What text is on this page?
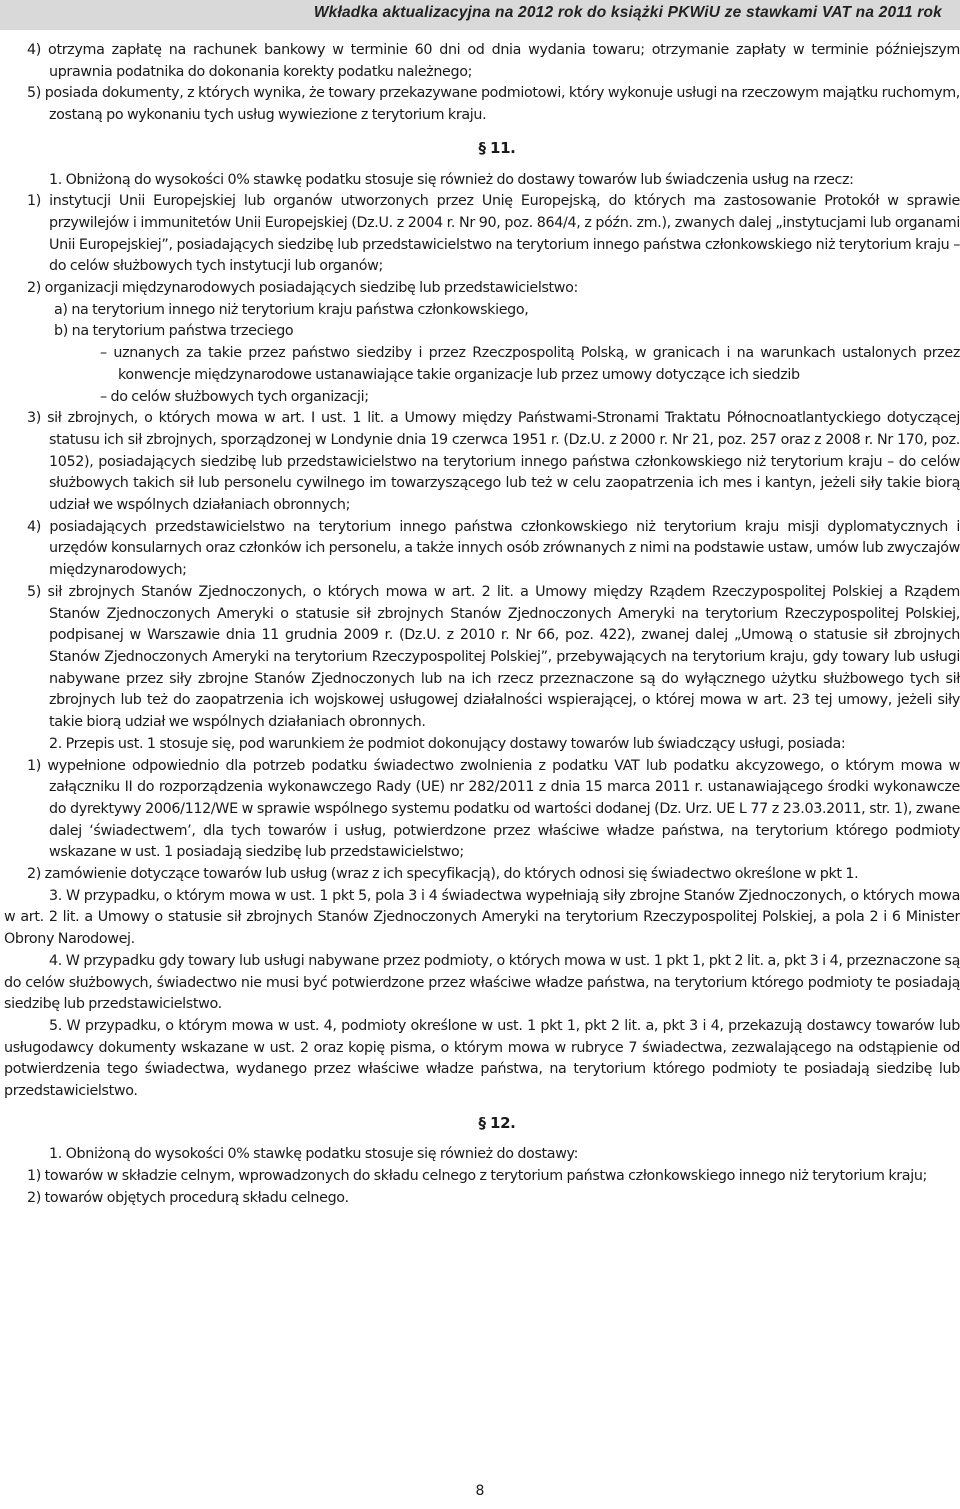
Wkładka aktualizacyjna na 2012 rok do książki PKWiU ze stawkami VAT na 2011 rok

4) otrzyma zapłatę na rachunek bankowy w terminie 60 dni od dnia wydania towaru; otrzymanie zapłaty w terminie późniejszym uprawnia podatnika do dokonania korekty podatku należnego;

5) posiada dokumenty, z których wynika, że towary przekazywane podmiotowi, który wykonuje usługi na rzeczowym majątku ruchomym, zostaną po wykonaniu tych usług wywiezione z terytorium kraju.

§ 11.

1. Obniżoną do wysokości 0% stawkę podatku stosuje się również do dostawy towarów lub świadczenia usług na rzecz:

1) instytucji Unii Europejskiej lub organów utworzonych przez Unię Europejską, do których ma zastosowanie Protokół w sprawie przywilejów i immunitetów Unii Europejskiej (Dz.U. z 2004 r. Nr 90, poz. 864/4, z późn. zm.), zwanych dalej „instytucjami lub organami Unii Europejskiej”, posiadających siedzibę lub przedstawicielstwo na terytorium innego państwa członkowskiego niż terytorium kraju – do celów służbowych tych instytucji lub organów;

2) organizacji międzynarodowych posiadających siedzibę lub przedstawicielstwo:

a) na terytorium innego niż terytorium kraju państwa członkowskiego,

b) na terytorium państwa trzeciego

– uznanych za takie przez państwo siedziby i przez Rzeczpospolitą Polską, w granicach i na warunkach ustalonych przez konwencje międzynarodowe ustanawiające takie organizacje lub przez umowy dotyczące ich siedzib

– do celów służbowych tych organizacji;

3) sił zbrojnych, o których mowa w art. I ust. 1 lit. a Umowy między Państwami-Stronami Traktatu Północnoatlantyckiego dotyczącej statusu ich sił zbrojnych, sporządzonej w Londynie dnia 19 czerwca 1951 r. (Dz.U. z 2000 r. Nr 21, poz. 257 oraz z 2008 r. Nr 170, poz. 1052), posiadających siedzibę lub przedstawicielstwo na terytorium innego państwa członkowskiego niż terytorium kraju – do celów służbowych takich sił lub personelu cywilnego im towarzyszącego lub też w celu zaopatrzenia ich mes i kantyn, jeżeli siły takie biorą udział we wspólnych działaniach obronnych;

4) posiadających przedstawicielstwo na terytorium innego państwa członkowskiego niż terytorium kraju misji dyplomatycznych i urzędów konsularnych oraz członków ich personelu, a także innych osób zrównanych z nimi na podstawie ustaw, umów lub zwyczajów międzynarodowych;

5) sił zbrojnych Stanów Zjednoczonych, o których mowa w art. 2 lit. a Umowy między Rządem Rzeczypospolitej Polskiej a Rządem Stanów Zjednoczonych Ameryki o statusie sił zbrojnych Stanów Zjednoczonych Ameryki na terytorium Rzeczypospolitej Polskiej, podpisanej w Warszawie dnia 11 grudnia 2009 r. (Dz.U. z 2010 r. Nr 66, poz. 422), zwanej dalej „Umową o statusie sił zbrojnych Stanów Zjednoczonych Ameryki na terytorium Rzeczypospolitej Polskiej”, przebywających na terytorium kraju, gdy towary lub usługi nabywane przez siły zbrojne Stanów Zjednoczonych lub na ich rzecz przeznaczone są do wyłącznego użytku służbowego tych sił zbrojnych lub też do zaopatrzenia ich wojskowej usługowej działalności wspierającej, o której mowa w art. 23 tej umowy, jeżeli siły takie biorą udział we wspólnych działaniach obronnych.

2. Przepis ust. 1 stosuje się, pod warunkiem że podmiot dokonujący dostawy towarów lub świadczący usługi, posiada:

1) wypełnione odpowiednio dla potrzeb podatku świadectwo zwolnienia z podatku VAT lub podatku akcyzowego, o którym mowa w załączniku II do rozporządzenia wykonawczego Rady (UE) nr 282/2011 z dnia 15 marca 2011 r. ustanawiającego środki wykonawcze do dyrektywy 2006/112/WE w sprawie wspólnego systemu podatku od wartości dodanej (Dz. Urz. UE L 77 z 23.03.2011, str. 1), zwane dalej ‘świadectwem’, dla tych towarów i usług, potwierdzone przez właściwe władze państwa, na terytorium którego podmioty wskazane w ust. 1 posiadają siedzibę lub przedstawicielstwo;

2) zamówienie dotyczące towarów lub usług (wraz z ich specyfikacją), do których odnosi się świadectwo określone w pkt 1.

3. W przypadku, o którym mowa w ust. 1 pkt 5, pola 3 i 4 świadectwa wypełniają siły zbrojne Stanów Zjednoczonych, o których mowa w art. 2 lit. a Umowy o statusie sił zbrojnych Stanów Zjednoczonych Ameryki na terytorium Rzeczypospolitej Polskiej, a pola 2 i 6 Minister Obrony Narodowej.

4. W przypadku gdy towary lub usługi nabywane przez podmioty, o których mowa w ust. 1 pkt 1, pkt 2 lit. a, pkt 3 i 4, przeznaczone są do celów służbowych, świadectwo nie musi być potwierdzone przez właściwe władze państwa, na terytorium którego podmioty te posiadają siedzibę lub przedstawicielstwo.

5. W przypadku, o którym mowa w ust. 4, podmioty określone w ust. 1 pkt 1, pkt 2 lit. a, pkt 3 i 4, przekazują dostawcy towarów lub usługodawcy dokumenty wskazane w ust. 2 oraz kopię pisma, o którym mowa w rubryce 7 świadectwa, zezwalającego na odstąpienie od potwierdzenia tego świadectwa, wydanego przez właściwe władze państwa, na terytorium którego podmioty te posiadają siedzibę lub przedstawicielstwo.

§ 12.

1. Obniżoną do wysokości 0% stawkę podatku stosuje się również do dostawy:

1) towarów w składzie celnym, wprowadzonych do składu celnego z terytorium państwa członkowskiego innego niż terytorium kraju;

2) towarów objętych procedurą składu celnego.

8
